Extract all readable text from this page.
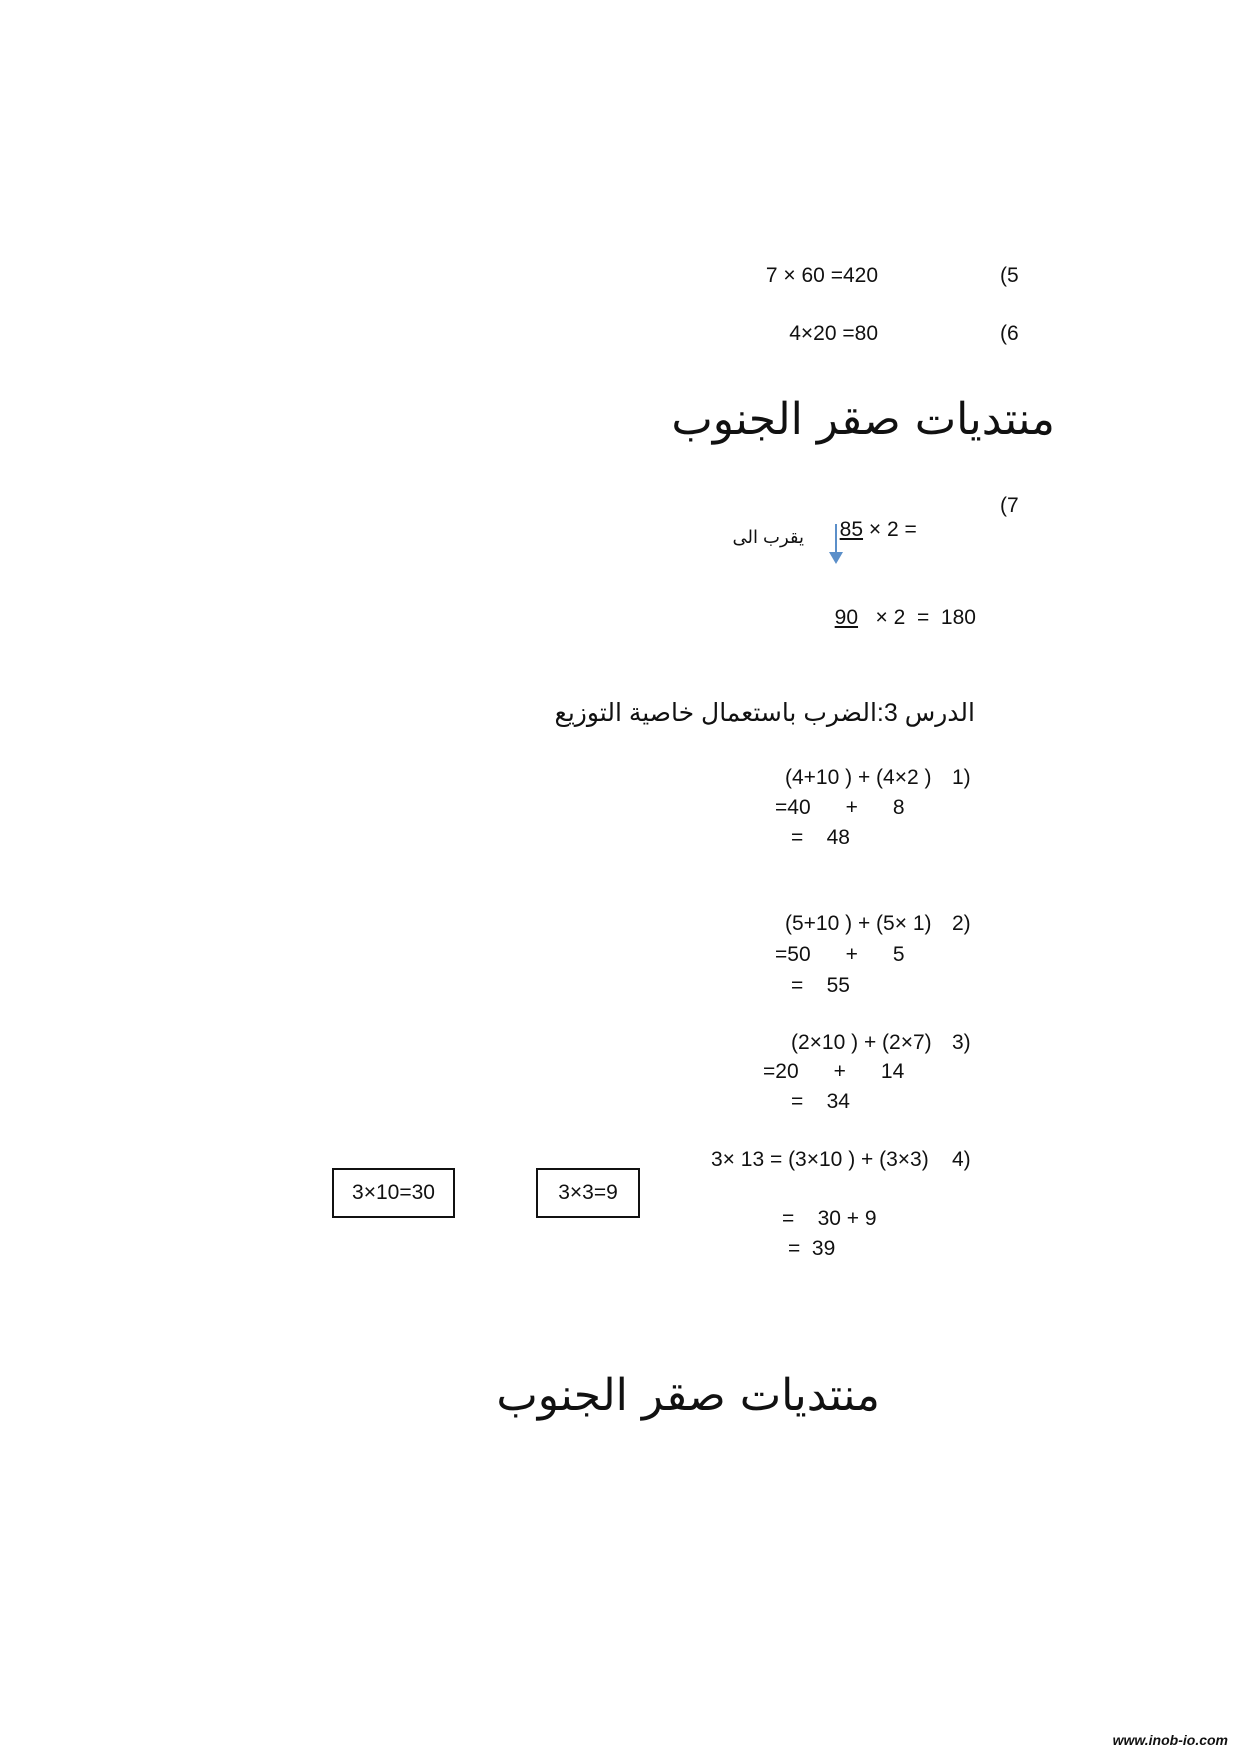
7 × 60 =420	(5
4×20 =80	(6
منتديات صقر الجنوب
(7

85 × 2 =

يقرب الى

90   × 2  =  180

الدرس 3:الضرب باستعمال خاصية التوزيع
1)
(4+10 ) + (4×2 )
=40      +      8
=    48
2)
(5+10 ) + (5× 1)
=50      +      5
=    55
3)
(2×10 ) + (2×7)
=20      +      14
=    34
4)
3× 13 = (3×10 ) + (3×3)
=    30 + 9
=  39
3×10=30	3×3=9
منتديات صقر الجنوب
www.inob-io.com
